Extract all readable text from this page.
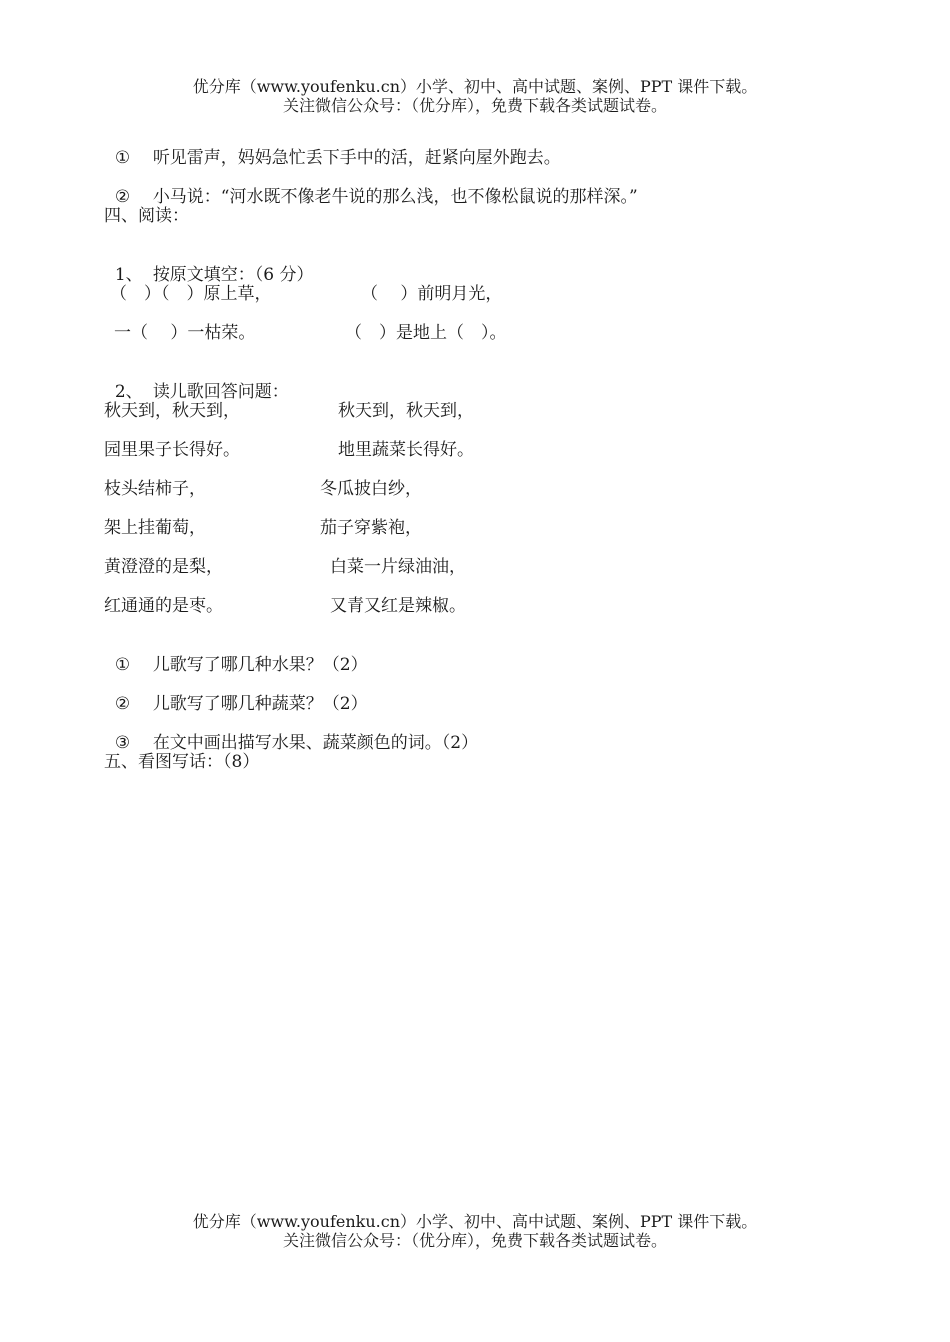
优分库（www.youfenku.cn）小学、初中、高中试题、案例、PPT 课件下载。
关注微信公众号：（优分库），免费下载各类试题试卷。

① 听见雷声，妈妈急忙丢下手中的活，赶紧向屋外跑去。

② 小马说：“河水既不像老牛说的那么浅，也不像松鼠说的那样深。”

四、阅读：

1、 按原文填空：（6 分）

（　）（　）原上草，	（　 ）前明月光，
一（　 ）一枯荣。	（　）是地上（　）。

2、 读儿歌回答问题：

秋天到，秋天到，
园里果子长得好。
枝头结柿子，
架上挂葡萄，
黄澄澄的是梨，
红通通的是枣。
秋天到，秋天到，
地里蔬菜长得好。
冬瓜披白纱，
茄子穿紫袍，
白菜一片绿油油，
又青又红是辣椒。

① 儿歌写了哪几种水果？（2）

② 儿歌写了哪几种蔬菜？（2）

③ 在文中画出描写水果、蔬菜颜色的词。（2）

五、看图写话：（8）
优分库（www.youfenku.cn）小学、初中、高中试题、案例、PPT 课件下载。
关注微信公众号：（优分库），免费下载各类试题试卷。
